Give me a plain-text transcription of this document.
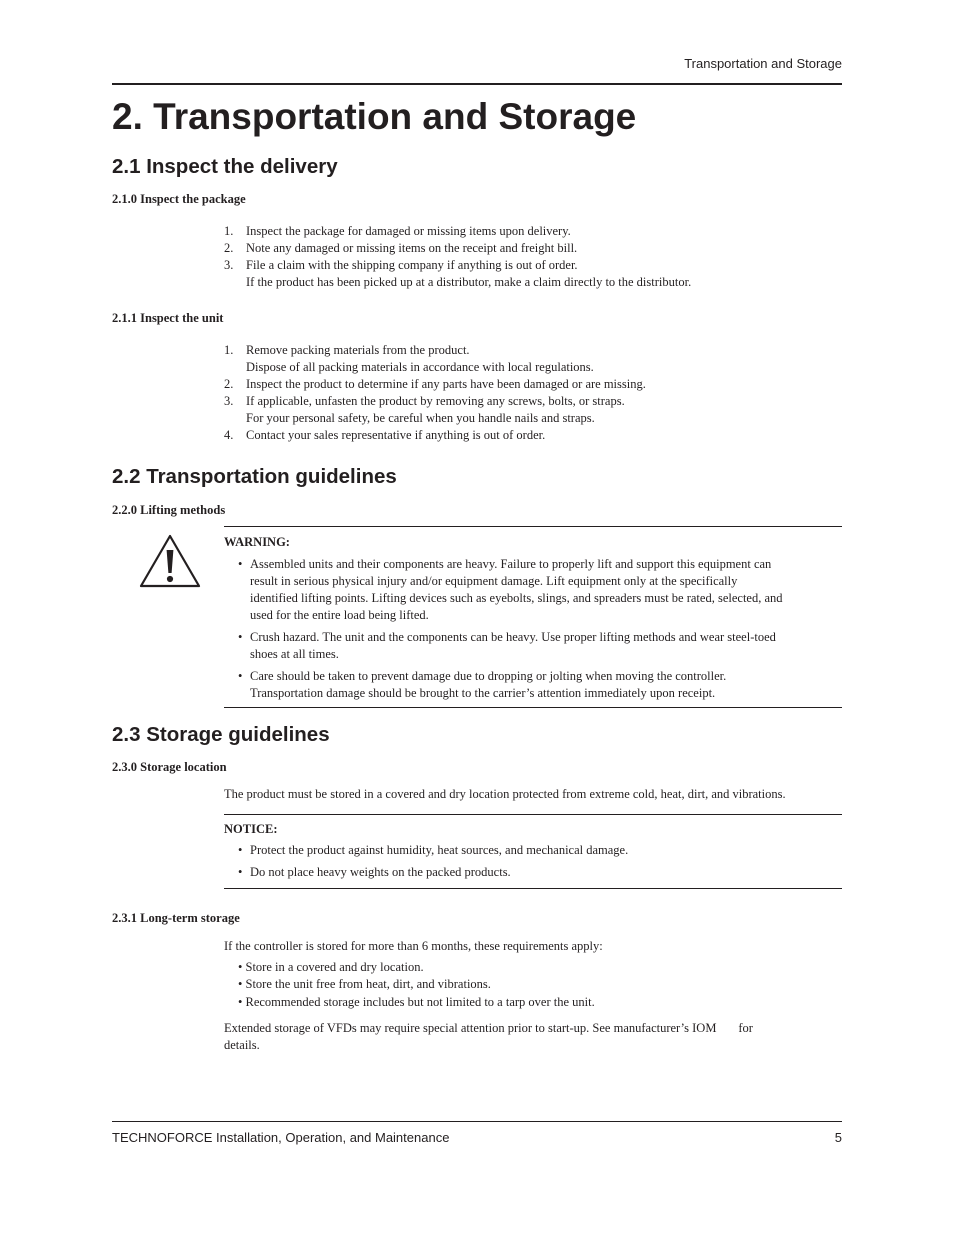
Transportation and Storage
2. Transportation and Storage
2.1 Inspect the delivery
2.1.0 Inspect the package
1. Inspect the package for damaged or missing items upon delivery.
2. Note any damaged or missing items on the receipt and freight bill.
3. File a claim with the shipping company if anything is out of order.
If the product has been picked up at a distributor, make a claim directly to the distributor.
2.1.1 Inspect the unit
1. Remove packing materials from the product.
Dispose of all packing materials in accordance with local regulations.
2. Inspect the product to determine if any parts have been damaged or are missing.
3. If applicable, unfasten the product by removing any screws, bolts, or straps.
For your personal safety, be careful when you handle nails and straps.
4. Contact your sales representative if anything is out of order.
2.2 Transportation guidelines
2.2.0 Lifting methods

WARNING:

• Assembled units and their components are heavy. Failure to properly lift and support this equipment can result in serious physical injury and/or equipment damage. Lift equipment only at the specifically identified lifting points. Lifting devices such as eyebolts, slings, and spreaders must be rated, selected, and used for the entire load being lifted.
• Crush hazard. The unit and the components can be heavy. Use proper lifting methods and wear steel-toed shoes at all times.
• Care should be taken to prevent damage due to dropping or jolting when moving the controller. Transportation damage should be brought to the carrier’s attention immediately upon receipt.
2.3 Storage guidelines
2.3.0 Storage location

The product must be stored in a covered and dry location protected from extreme cold, heat, dirt, and vibrations.

NOTICE:

• Protect the product against humidity, heat sources, and mechanical damage.
• Do not place heavy weights on the packed products.
2.3.1 Long-term storage

If the controller is stored for more than 6 months, these requirements apply:

• Store in a covered and dry location.
• Store the unit free from heat, dirt, and vibrations.
• Recommended storage includes but not limited to a tarp over the unit.

Extended storage of VFDs may require special attention prior to start-up. See manufacturer’s IOM       for

details.

TECHNOFORCE Installation, Operation, and Maintenance	5
